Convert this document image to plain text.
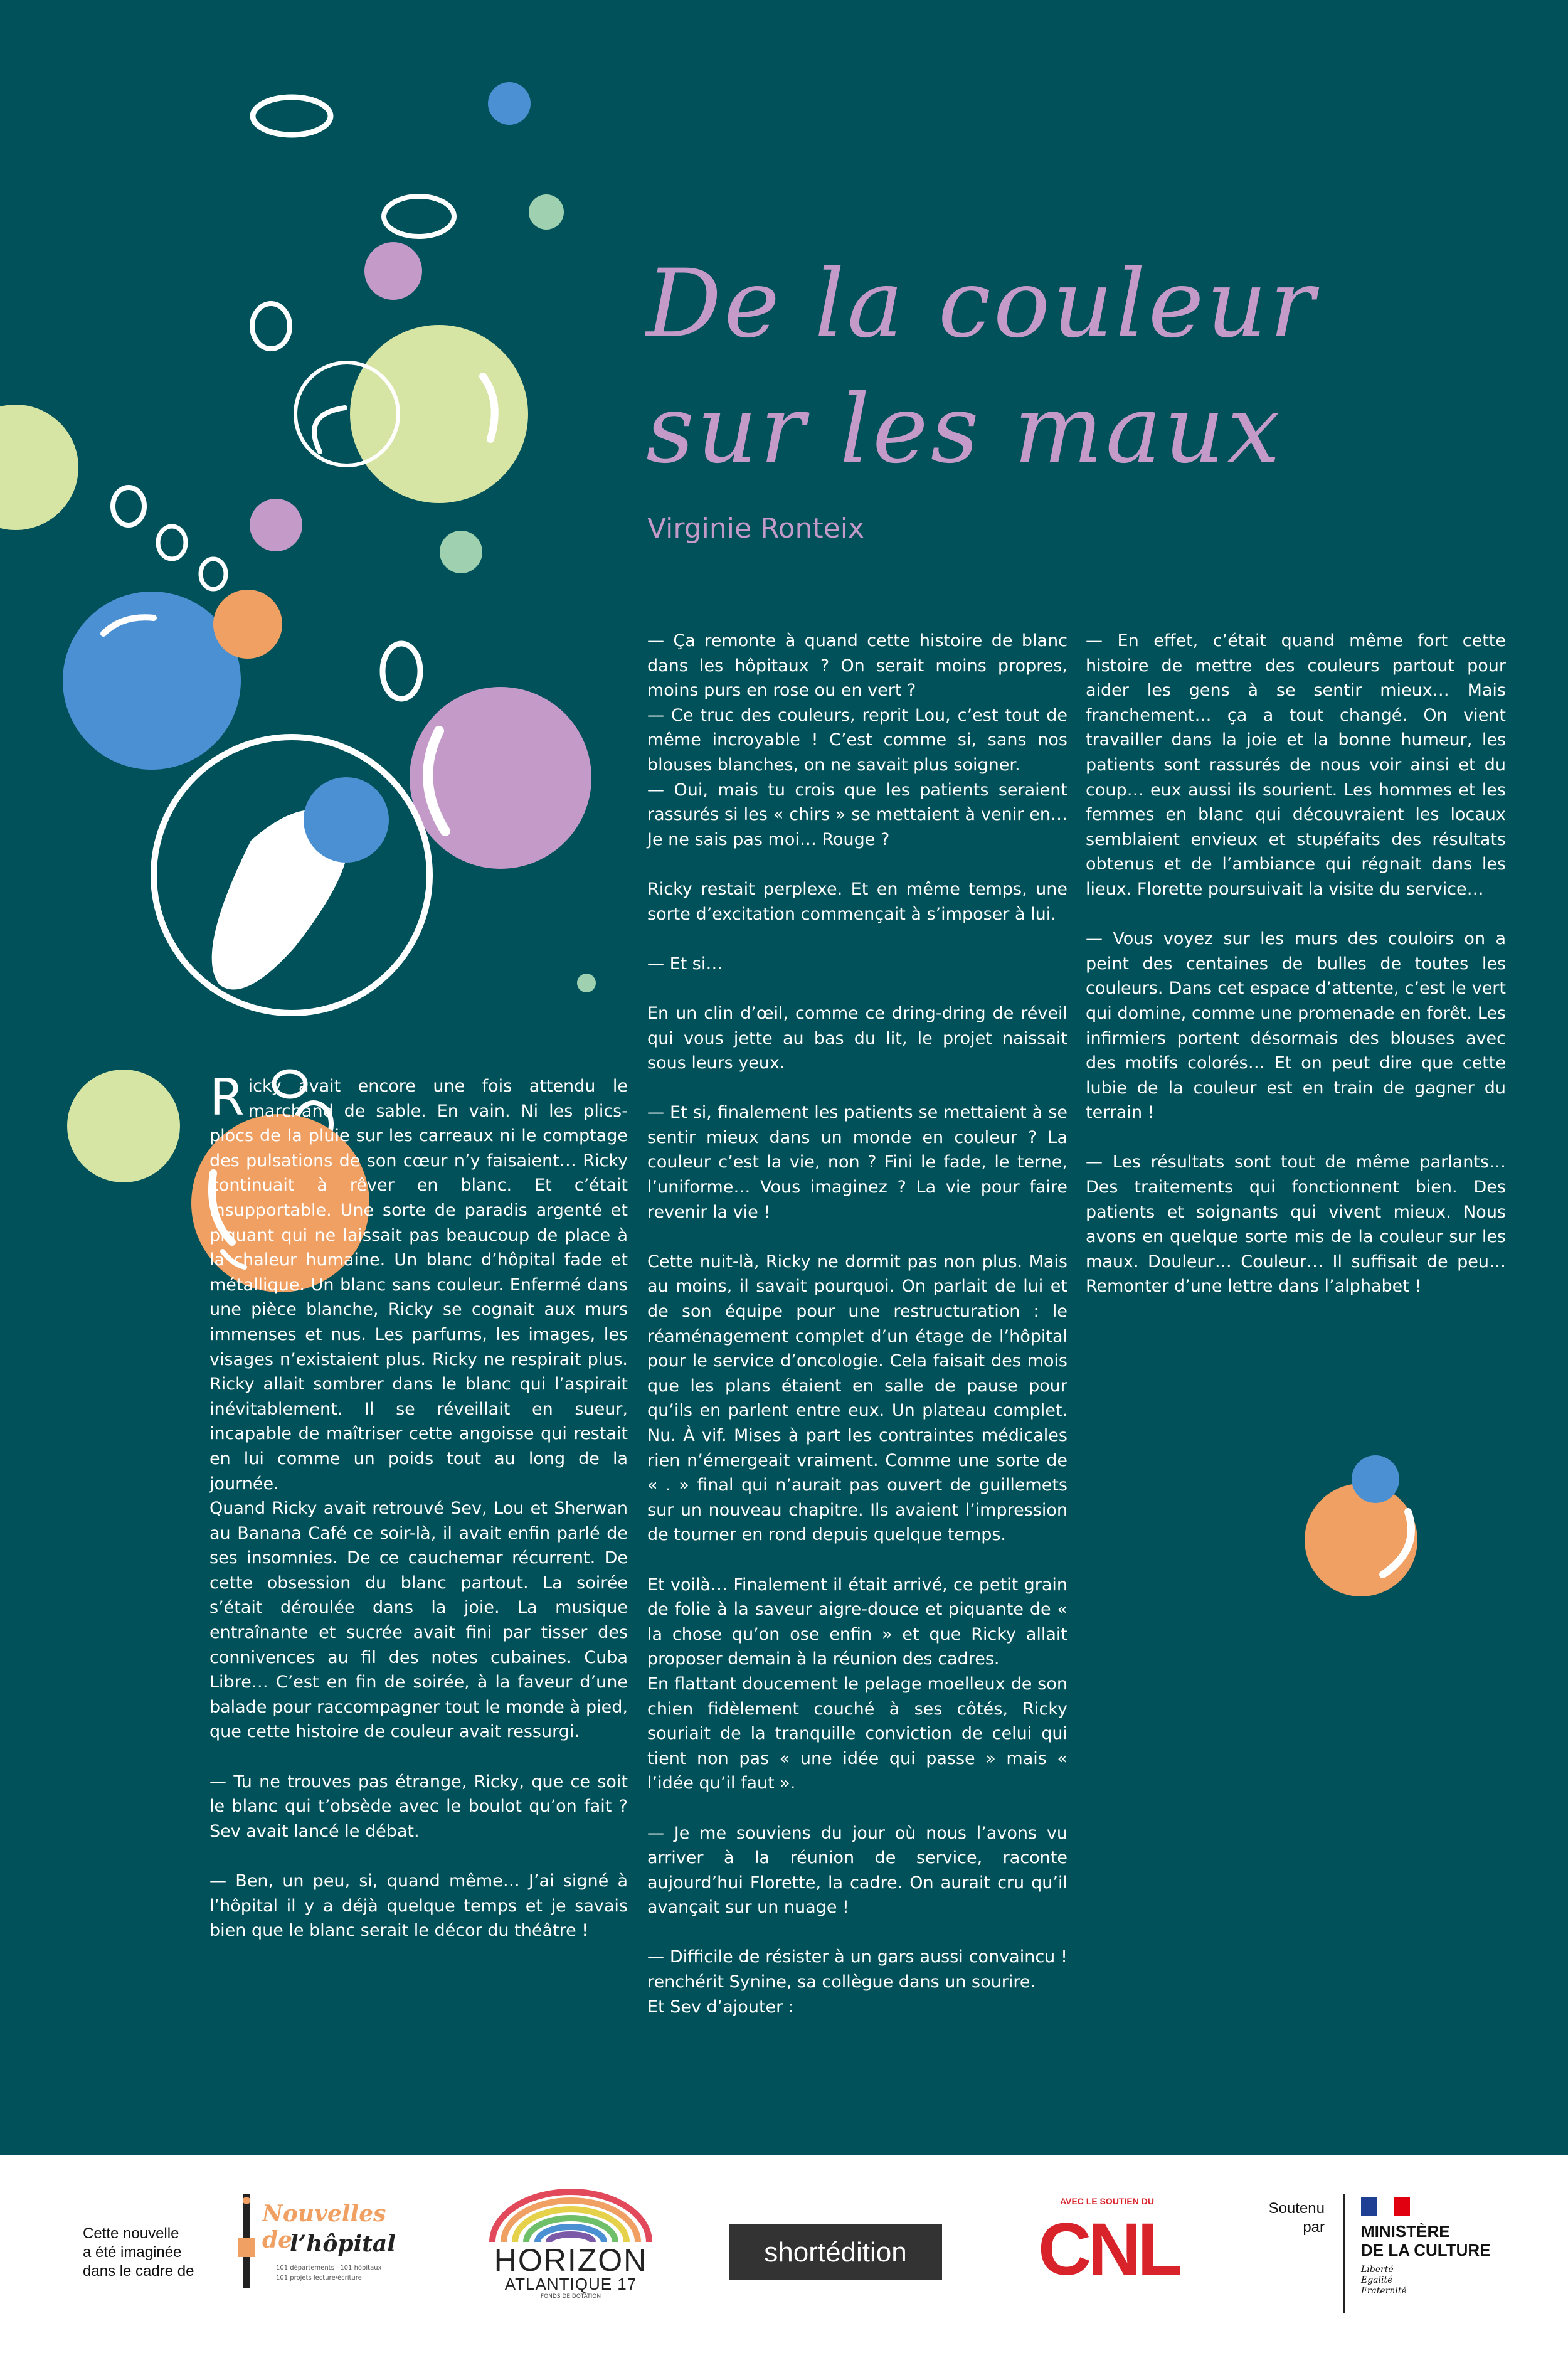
De la couleur
sur les maux
Virginie Ronteix

Ricky avait encore une fois attendu le marchand de sable. En vain. Ni les plics-plocs de la pluie sur les carreaux ni le comptage des pulsations de son cœur n’y faisaient… Ricky continuait à rêver en blanc. Et c’était insupportable. Une sorte de paradis argenté et piquant qui ne laissait pas beaucoup de place à la chaleur humaine. Un blanc d’hôpital fade et métallique. Un blanc sans couleur. Enfermé dans une pièce blanche, Ricky se cognait aux murs immenses et nus. Les parfums, les images, les visages n’existaient plus. Ricky ne respirait plus. Ricky allait sombrer dans le blanc qui l’aspirait inévitablement. Il se réveillait en sueur, incapable de maîtriser cette angoisse qui restait en lui comme un poids tout au long de la journée.

Quand Ricky avait retrouvé Sev, Lou et Sherwan au Banana Café ce soir-là, il avait enfin parlé de ses insomnies. De ce cauchemar récurrent. De cette obsession du blanc partout. La soirée s’était déroulée dans la joie. La musique entraînante et sucrée avait fini par tisser des connivences au fil des notes cubaines. Cuba Libre… C’est en fin de soirée, à la faveur d’une balade pour raccompagner tout le monde à pied, que cette histoire de couleur avait ressurgi.

— Tu ne trouves pas étrange, Ricky, que ce soit le blanc qui t’obsède avec le boulot qu’on fait ? Sev avait lancé le débat.

— Ben, un peu, si, quand même… J’ai signé à l’hôpital il y a déjà quelque temps et je savais bien que le blanc serait le décor du théâtre !

— Ça remonte à quand cette histoire de blanc dans les hôpitaux ? On serait moins propres, moins purs en rose ou en vert ?
— Ce truc des couleurs, reprit Lou, c’est tout de même incroyable ! C’est comme si, sans nos blouses blanches, on ne savait plus soigner.
— Oui, mais tu crois que les patients seraient rassurés si les « chirs » se mettaient à venir en… Je ne sais pas moi… Rouge ?

Ricky restait perplexe. Et en même temps, une sorte d’excitation commençait à s’imposer à lui.

— Et si…

En un clin d’œil, comme ce dring-dring de réveil qui vous jette au bas du lit, le projet naissait sous leurs yeux.

— Et si, finalement les patients se mettaient à se sentir mieux dans un monde en couleur ? La couleur c’est la vie, non ? Fini le fade, le terne, l’uniforme… Vous imaginez ? La vie pour faire revenir la vie !

Cette nuit-là, Ricky ne dormit pas non plus. Mais au moins, il savait pourquoi. On parlait de lui et de son équipe pour une restructuration : le réaménagement complet d’un étage de l’hôpital pour le service d’oncologie. Cela faisait des mois que les plans étaient en salle de pause pour qu’ils en parlent entre eux. Un plateau complet. Nu. À vif. Mises à part les contraintes médicales rien n’émergeait vraiment. Comme une sorte de « . » final qui n’aurait pas ouvert de guillemets sur un nouveau chapitre. Ils avaient l’impression de tourner en rond depuis quelque temps.

Et voilà… Finalement il était arrivé, ce petit grain de folie à la saveur aigre-douce et piquante de « la chose qu’on ose enfin » et que Ricky allait proposer demain à la réunion des cadres.
En flattant doucement le pelage moelleux de son chien fidèlement couché à ses côtés, Ricky souriait de la tranquille conviction de celui qui tient non pas « une idée qui passe » mais « l’idée qu’il faut ».

— Je me souviens du jour où nous l’avons vu arriver à la réunion de service, raconte aujourd’hui Florette, la cadre. On aurait cru qu’il avançait sur un nuage !

— Difficile de résister à un gars aussi convaincu ! renchérit Synine, sa collègue dans un sourire.
Et Sev d’ajouter :

— En effet, c’était quand même fort cette histoire de mettre des couleurs partout pour aider les gens à se sentir mieux… Mais franchement… ça a tout changé. On vient travailler dans la joie et la bonne humeur, les patients sont rassurés de nous voir ainsi et du coup… eux aussi ils sourient. Les hommes et les femmes en blanc qui découvraient les locaux semblaient envieux et stupéfaits des résultats obtenus et de l’ambiance qui régnait dans les lieux. Florette poursuivait la visite du service…

— Vous voyez sur les murs des couloirs on a peint des centaines de bulles de toutes les couleurs. Dans cet espace d’attente, c’est le vert qui domine, comme une promenade en forêt. Les infirmiers portent désormais des blouses avec des motifs colorés… Et on peut dire que cette lubie de la couleur est en train de gagner du terrain !

— Les résultats sont tout de même parlants… Des traitements qui fonctionnent bien. Des patients et soignants qui vivent mieux. Nous avons en quelque sorte mis de la couleur sur les maux. Douleur… Couleur… Il suffisait de peu… Remonter d’une lettre dans l’alphabet !

Cette nouvelle
a été imaginée
dans le cadre de
Nouvelles de
l’hôpital
101 départements · 101 hôpitaux
101 projets lecture/écriture
HORIZON
ATLANTIQUE 17
FONDS DE DOTATION
shortédition
AVEC LE SOUTIEN DU
CNL	Soutenu
par MINISTÈRE
DE LA CULTURE
Liberté
Égalité
Fraternité
